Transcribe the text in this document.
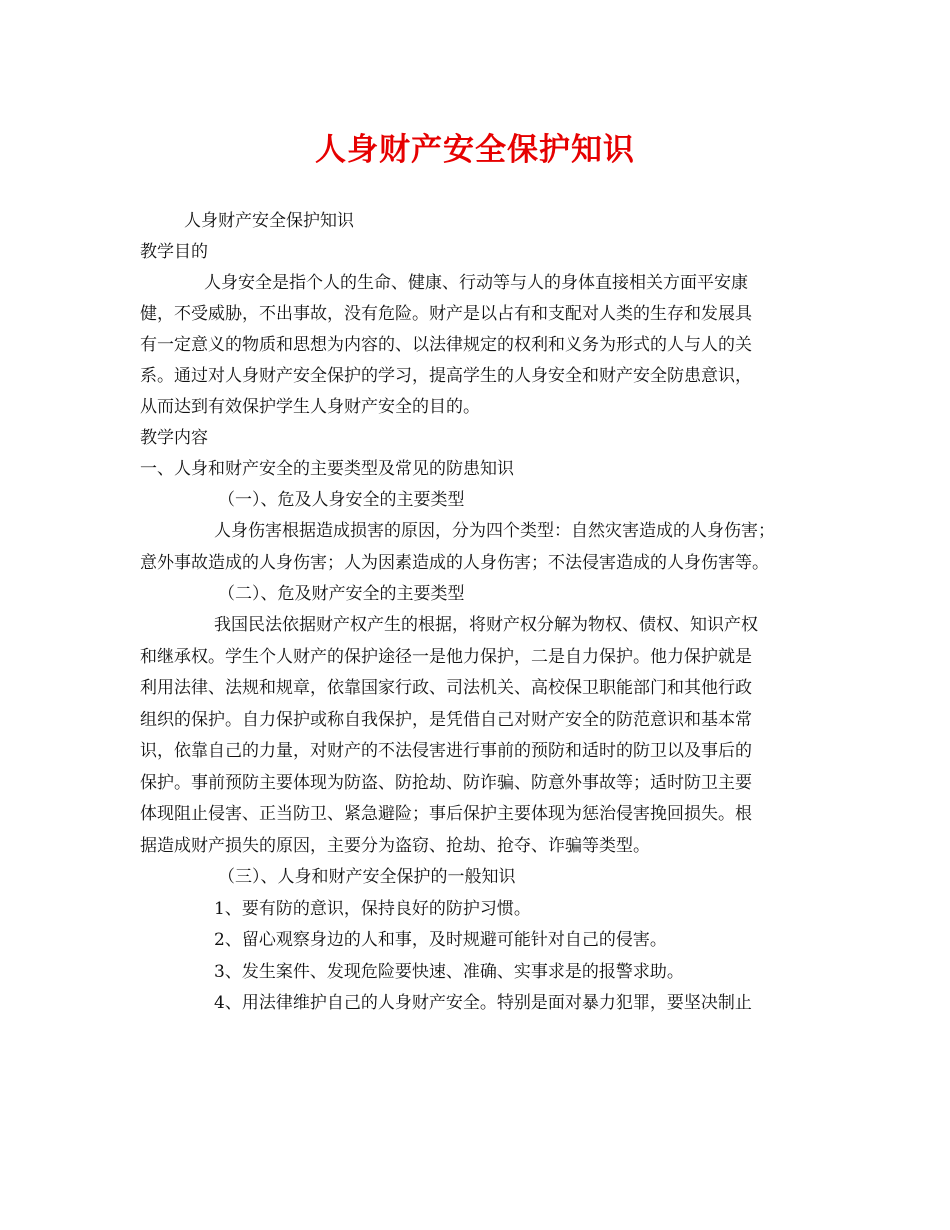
人身财产安全保护知识
人身财产安全保护知识
教学目的
人身安全是指个人的生命、健康、行动等与人的身体直接相关方面平安康
健，不受威胁，不出事故，没有危险。财产是以占有和支配对人类的生存和发展具
有一定意义的物质和思想为内容的、以法律规定的权利和义务为形式的人与人的关
系。通过对人身财产安全保护的学习，提高学生的人身安全和财产安全防患意识，
从而达到有效保护学生人身财产安全的目的。
教学内容
一、人身和财产安全的主要类型及常见的防患知识
（一）、危及人身安全的主要类型
人身伤害根据造成损害的原因，分为四个类型：自然灾害造成的人身伤害；
意外事故造成的人身伤害；人为因素造成的人身伤害；不法侵害造成的人身伤害等。
（二）、危及财产安全的主要类型
我国民法依据财产权产生的根据，将财产权分解为物权、债权、知识产权
和继承权。学生个人财产的保护途径一是他力保护，二是自力保护。他力保护就是
利用法律、法规和规章，依靠国家行政、司法机关、高校保卫职能部门和其他行政
组织的保护。自力保护或称自我保护，是凭借自己对财产安全的防范意识和基本常
识，依靠自己的力量，对财产的不法侵害进行事前的预防和适时的防卫以及事后的
保护。事前预防主要体现为防盗、防抢劫、防诈骗、防意外事故等；适时防卫主要
体现阻止侵害、正当防卫、紧急避险；事后保护主要体现为惩治侵害挽回损失。根
据造成财产损失的原因，主要分为盗窃、抢劫、抢夺、诈骗等类型。
（三）、人身和财产安全保护的一般知识
1、要有防的意识，保持良好的防护习惯。
2、留心观察身边的人和事，及时规避可能针对自己的侵害。
3、发生案件、发现危险要快速、准确、实事求是的报警求助。
4、用法律维护自己的人身财产安全。特别是面对暴力犯罪，要坚决制止
